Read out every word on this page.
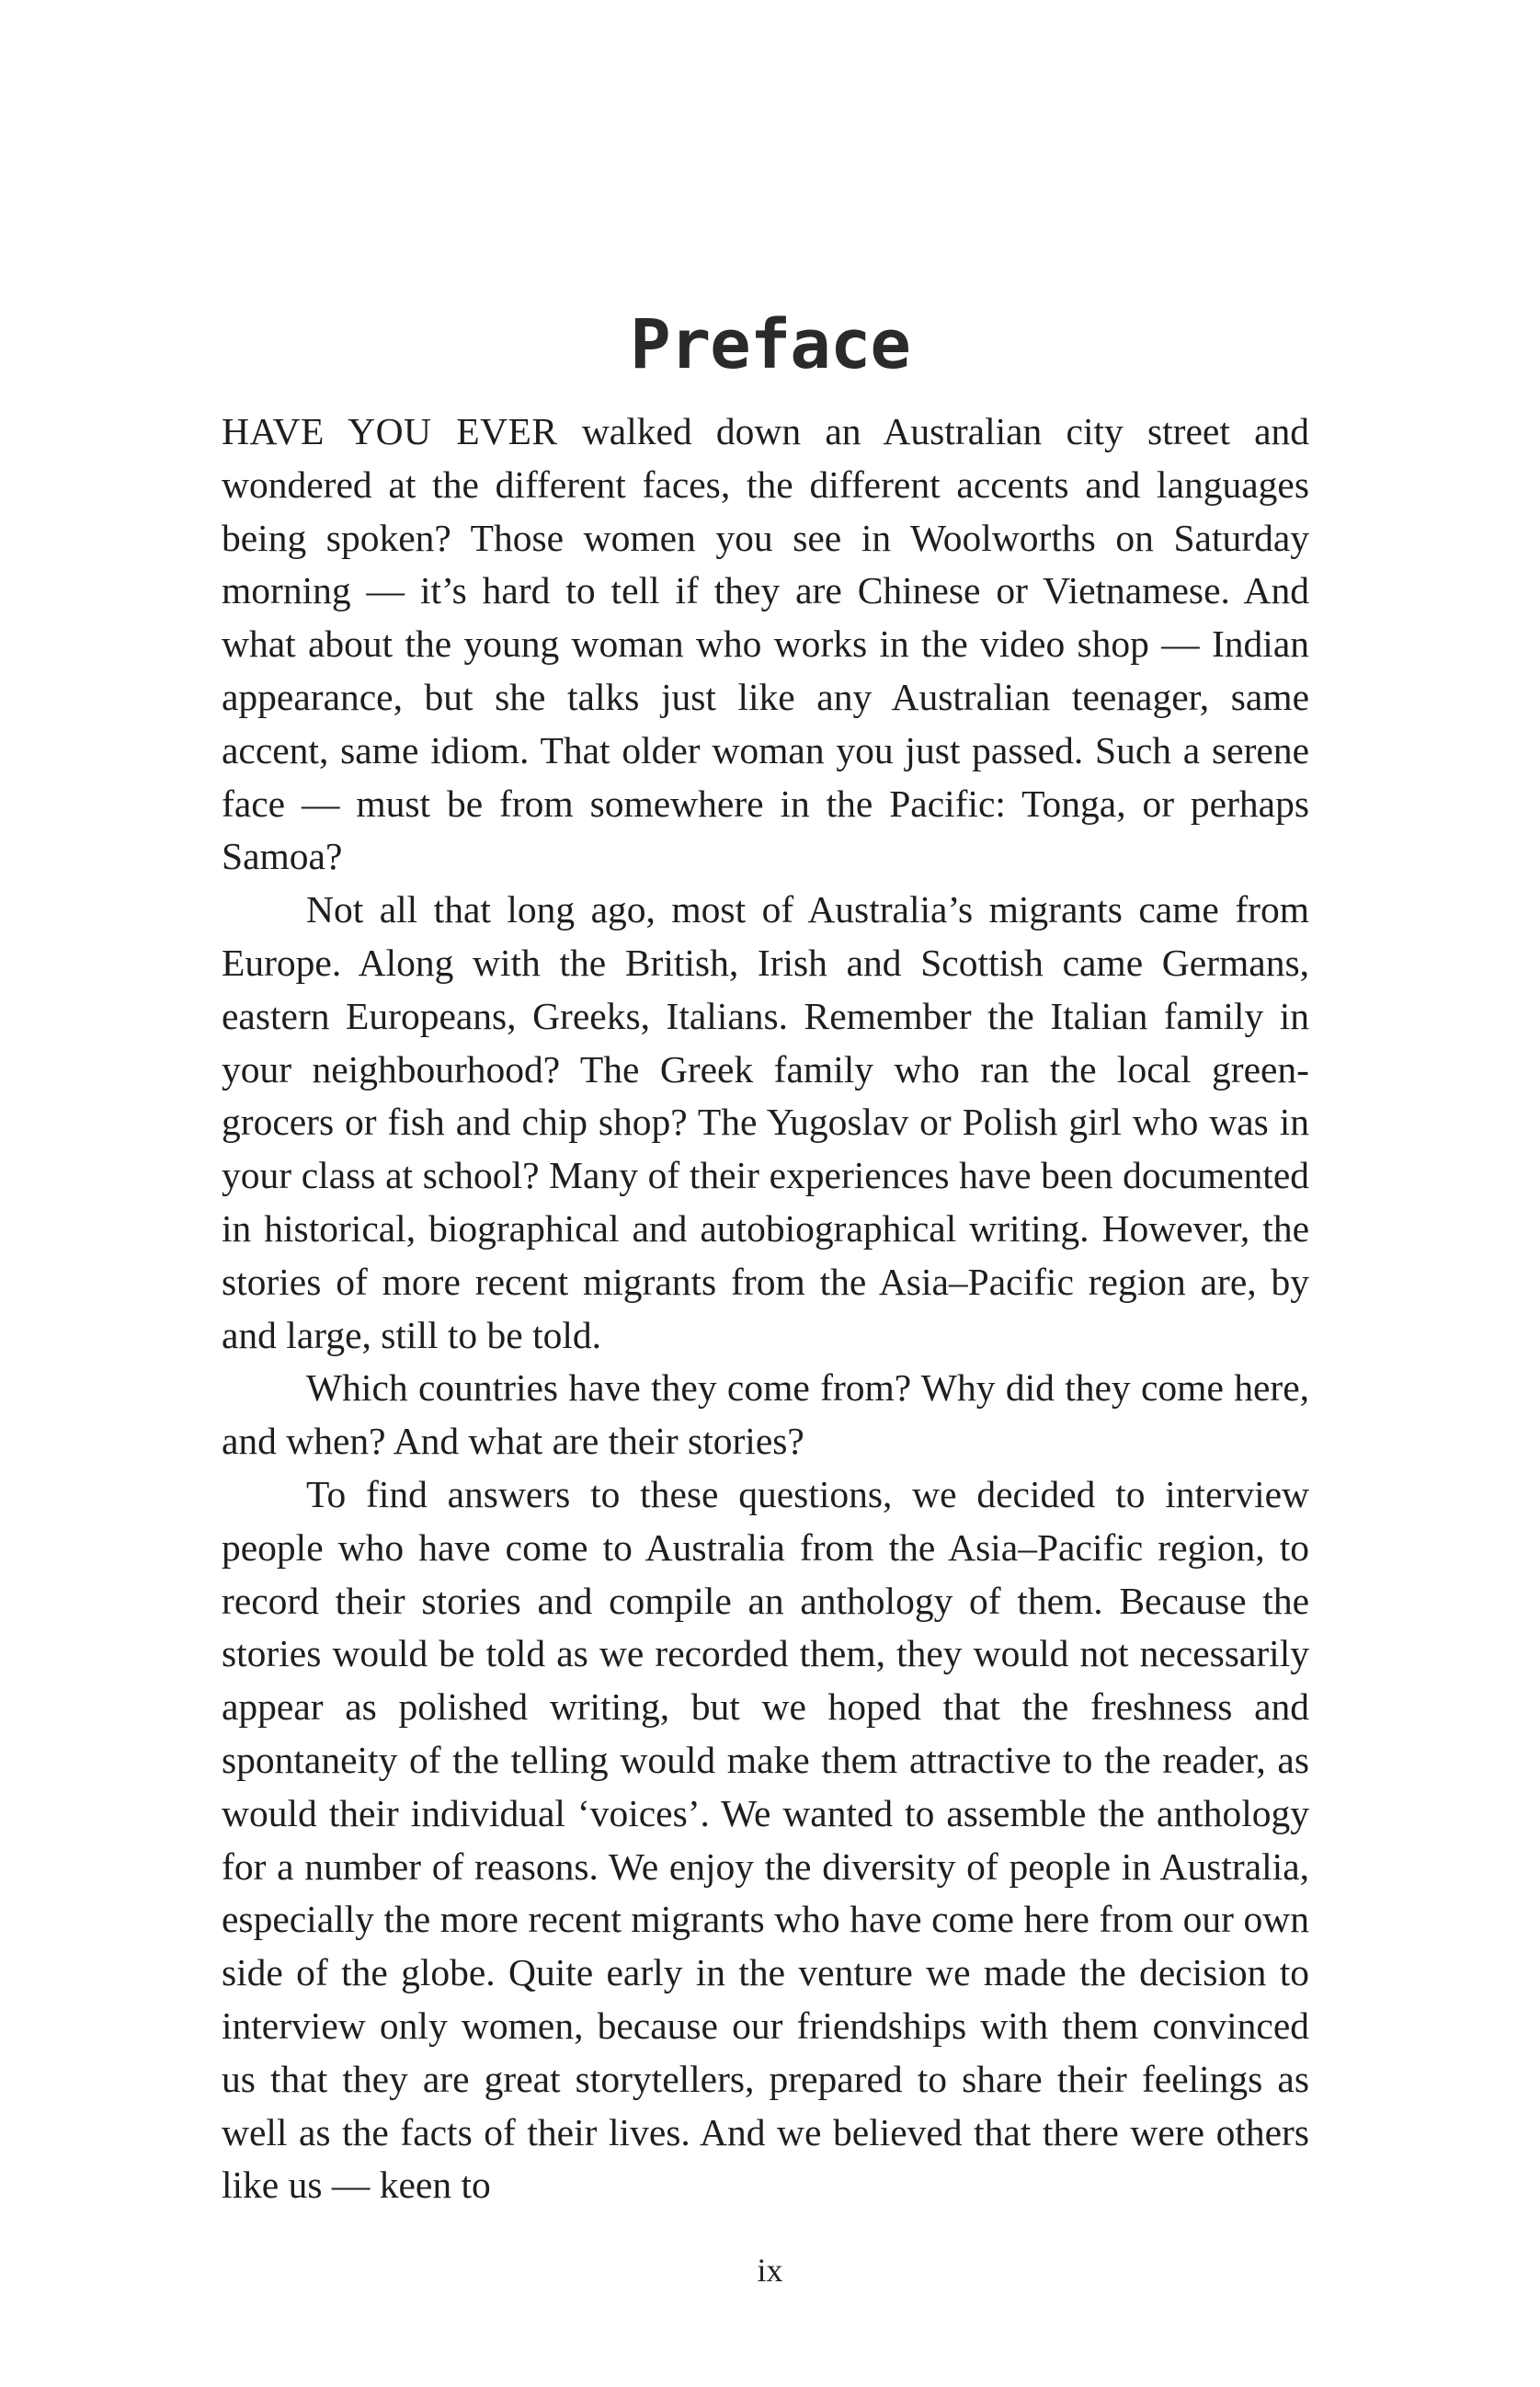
Preface

HAVE YOU EVER walked down an Australian city street and wondered at the different faces, the different accents and languages being spoken? Those women you see in Woolworths on Saturday morning — it’s hard to tell if they are Chinese or Vietnamese. And what about the young woman who works in the video shop — Indian appearance, but she talks just like any Australian teenager, same accent, same idiom. That older woman you just passed. Such a serene face — must be from somewhere in the Pacific: Tonga, or perhaps Samoa?

Not all that long ago, most of Australia’s migrants came from Europe. Along with the British, Irish and Scottish came Germans, eastern Europeans, Greeks, Italians. Remember the Italian family in your neighbourhood? The Greek family who ran the local green-grocers or fish and chip shop? The Yugoslav or Polish girl who was in your class at school? Many of their experiences have been documented in historical, biographical and autobiographical writing. However, the stories of more recent migrants from the Asia–Pacific region are, by and large, still to be told.

Which countries have they come from? Why did they come here, and when? And what are their stories?

To find answers to these questions, we decided to interview people who have come to Australia from the Asia–Pacific region, to record their stories and compile an anthology of them. Because the stories would be told as we recorded them, they would not necessarily appear as polished writing, but we hoped that the freshness and spontaneity of the telling would make them attractive to the reader, as would their individual ‘voices’. We wanted to assemble the anthology for a number of reasons. We enjoy the diversity of people in Australia, especially the more recent migrants who have come here from our own side of the globe. Quite early in the venture we made the decision to interview only women, because our friendships with them convinced us that they are great storytellers, prepared to share their feelings as well as the facts of their lives. And we believed that there were others like us — keen to

ix
